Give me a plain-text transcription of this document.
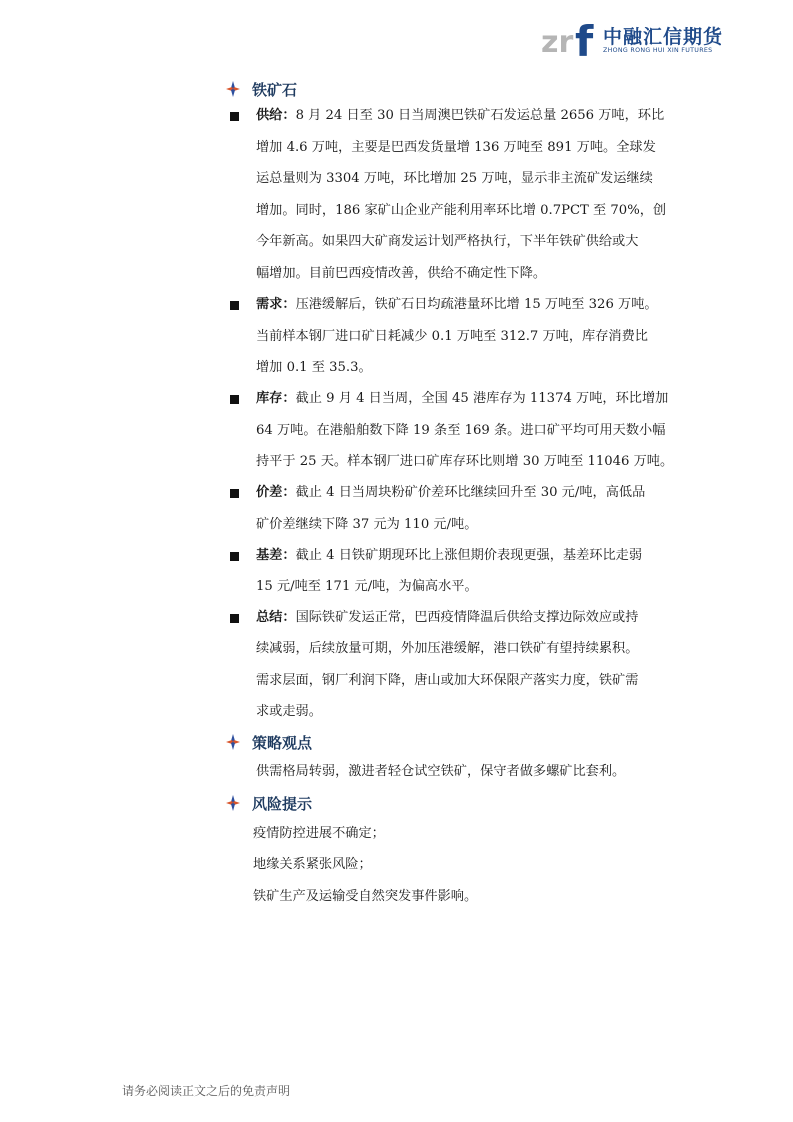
zr f 中融汇信期货
ZHONG RONG HUI XIN FUTURES
铁矿石
供给：8 月 24 日至 30 日当周澳巴铁矿石发运总量 2656 万吨，环比
增加 4.6 万吨，主要是巴西发货量增 136 万吨至 891 万吨。全球发
运总量则为 3304 万吨，环比增加 25 万吨，显示非主流矿发运继续
增加。同时，186 家矿山企业产能利用率环比增 0.7PCT 至 70%，创
今年新高。如果四大矿商发运计划严格执行，下半年铁矿供给或大
幅增加。目前巴西疫情改善，供给不确定性下降。
需求：压港缓解后，铁矿石日均疏港量环比增 15 万吨至 326 万吨。
当前样本钢厂进口矿日耗减少 0.1 万吨至 312.7 万吨，库存消费比
增加 0.1 至 35.3。
库存：截止 9 月 4 日当周，全国 45 港库存为 11374 万吨，环比增加
64 万吨。在港船舶数下降 19 条至 169 条。进口矿平均可用天数小幅
持平于 25 天。样本钢厂进口矿库存环比则增 30 万吨至 11046 万吨。
价差：截止 4 日当周块粉矿价差环比继续回升至 30 元/吨，高低品
矿价差继续下降 37 元为 110 元/吨。
基差：截止 4 日铁矿期现环比上涨但期价表现更强，基差环比走弱
15 元/吨至 171 元/吨，为偏高水平。
总结：国际铁矿发运正常，巴西疫情降温后供给支撑边际效应或持
续减弱，后续放量可期，外加压港缓解，港口铁矿有望持续累积。
需求层面，钢厂利润下降，唐山或加大环保限产落实力度，铁矿需
求或走弱。
策略观点
供需格局转弱，激进者轻仓试空铁矿，保守者做多螺矿比套利。
风险提示
疫情防控进展不确定；
地缘关系紧张风险；
铁矿生产及运输受自然突发事件影响。
请务必阅读正文之后的免责声明
